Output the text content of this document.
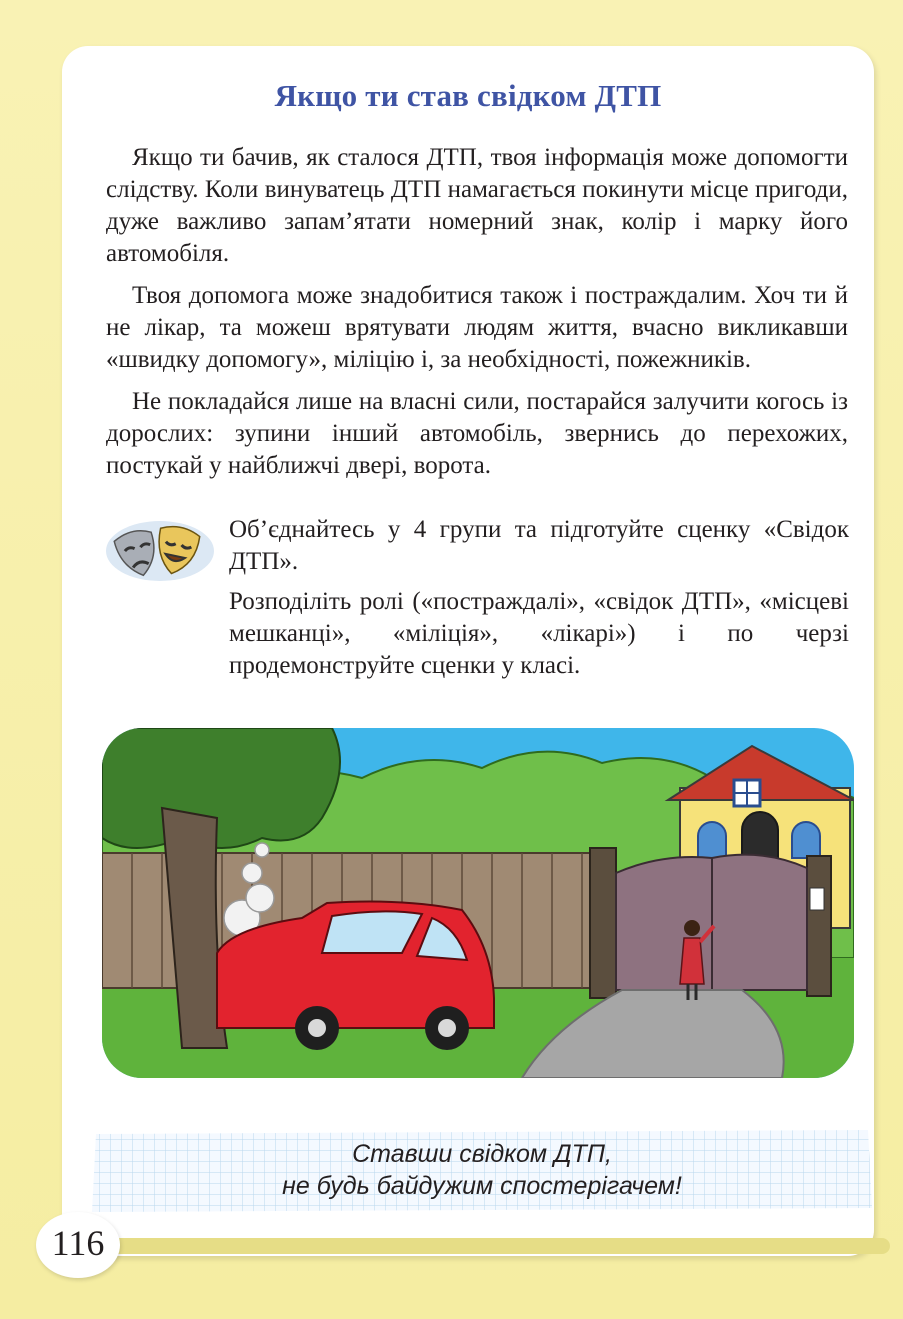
Якщо ти став свідком ДТП

Якщо ти бачив, як сталося ДТП, твоя інформація може допомогти слідству. Коли винуватець ДТП намагається покинути місце пригоди, дуже важливо запам’ятати номерний знак, колір і марку його автомобіля.

Твоя допомога може знадобитися також і постраждалим. Хоч ти й не лікар, та можеш врятувати людям життя, вчасно викликавши «швидку допомогу», міліцію і, за необхідності, пожежників.

Не покладайся лише на власні сили, постарайся залучити когось із дорослих: зупини інший автомобіль, звернись до перехожих, постукай у найближчі двері, ворота.

Об’єднайтесь у 4 групи та підготуйте сценку «Свідок ДТП».

Розподіліть ролі («постраждалі», «свідок ДТП», «місцеві мешканці», «міліція», «лікарі») і по черзі продемонструйте сценки у класі.

Ставши свідком ДТП,
не будь байдужим спостерігачем!
116
